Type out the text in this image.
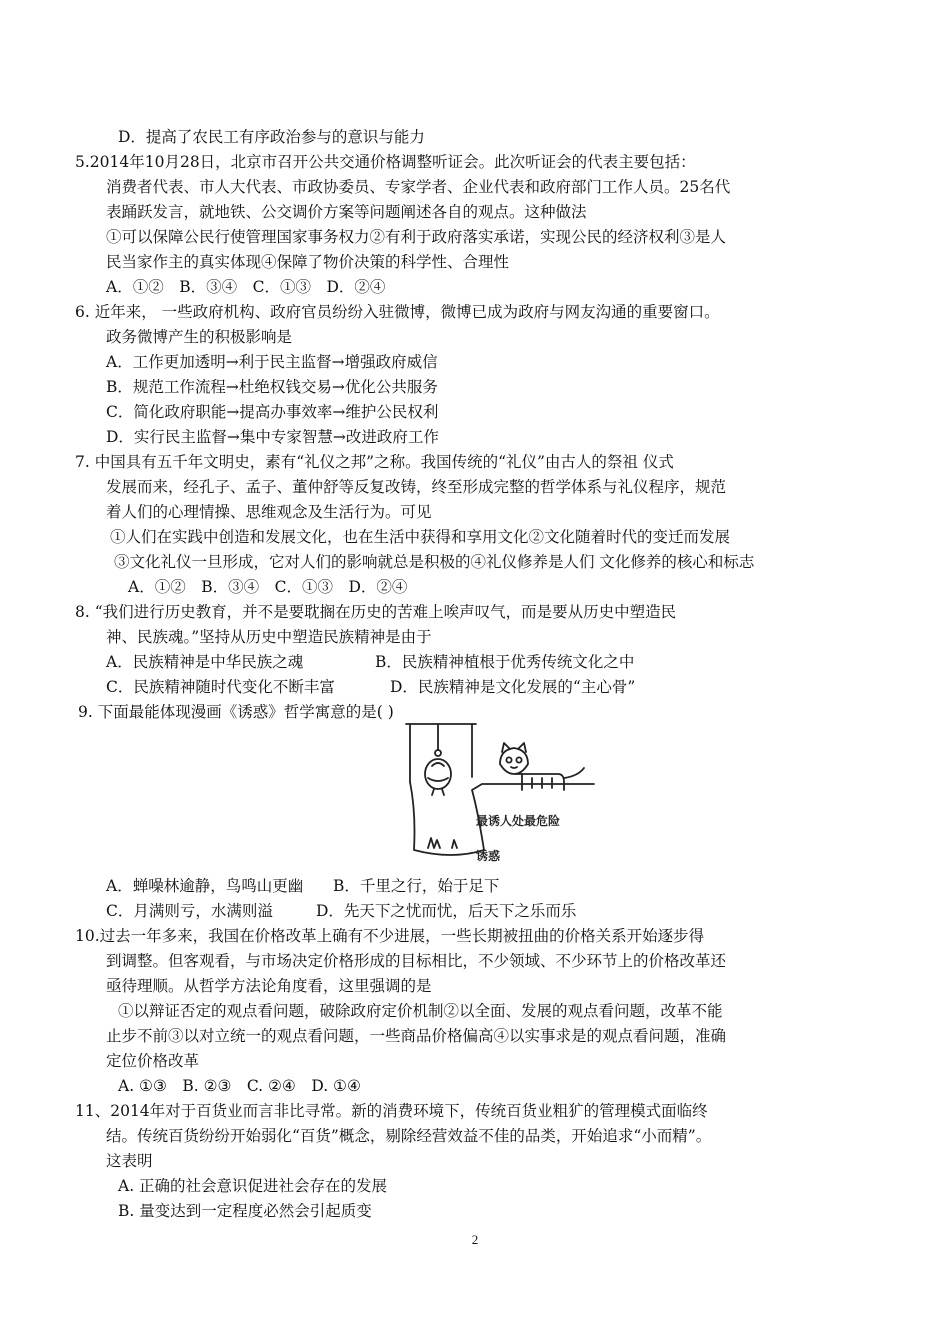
D．提高了农民工有序政治参与的意识与能力
5.2014年10月28日，北京市召开公共交通价格调整听证会。此次听证会的代表主要包括：
消费者代表、市人大代表、市政协委员、专家学者、企业代表和政府部门工作人员。25名代
表踊跃发言，就地铁、公交调价方案等问题阐述各自的观点。这种做法
①可以保障公民行使管理国家事务权力②有利于政府落实承诺，实现公民的经济权利③是人
民当家作主的真实体现④保障了物价决策的科学性、合理性
A．①②　B．③④　C．①③　D．②④
6. 近年来， 一些政府机构、政府官员纷纷入驻微博，微博已成为政府与网友沟通的重要窗口。
政务微博产生的积极影响是
A．工作更加透明→利于民主监督→增强政府威信
B．规范工作流程→杜绝权钱交易→优化公共服务
C．简化政府职能→提高办事效率→维护公民权利
D．实行民主监督→集中专家智慧→改进政府工作
7. 中国具有五千年文明史，素有“礼仪之邦”之称。我国传统的“礼仪”由古人的祭祖 仪式
发展而来，经孔子、孟子、董仲舒等反复改铸，终至形成完整的哲学体系与礼仪程序，规范
着人们的心理情操、思维观念及生活行为。可见
①人们在实践中创造和发展文化，也在生活中获得和享用文化②文化随着时代的变迁而发展
③文化礼仪一旦形成，它对人们的影响就总是积极的④礼仪修养是人们 文化修养的核心和标志
A．①②　B．③④　C．①③　D．②④
8. “我们进行历史教育，并不是要耽搁在历史的苦难上唉声叹气，而是要从历史中塑造民
神、民族魂。”坚持从历史中塑造民族精神是由于
A．民族精神是中华民族之魂	B．民族精神植根于优秀传统文化之中
C．民族精神随时代变化不断丰富	D．民族精神是文化发展的“主心骨”
9. 下面最能体现漫画《诱惑》哲学寓意的是( )
最诱人处最危险
诱惑
A．蝉噪林逾静，鸟鸣山更幽 B．千里之行，始于足下
C．月满则亏，水满则溢	D．先天下之忧而忧，后天下之乐而乐
10.过去一年多来，我国在价格改革上确有不少进展，一些长期被扭曲的价格关系开始逐步得
到调整。但客观看，与市场决定价格形成的目标相比，不少领域、不少环节上的价格改革还
亟待理顺。从哲学方法论角度看，这里强调的是
①以辩证否定的观点看问题，破除政府定价机制②以全面、发展的观点看问题，改革不能
止步不前③以对立统一的观点看问题，一些商品价格偏高④以实事求是的观点看问题，准确
定位价格改革
A. ①③　B. ②③　C. ②④　D. ①④
11、2014年对于百货业而言非比寻常。新的消费环境下，传统百货业粗犷的管理模式面临终
结。传统百货纷纷开始弱化“百货”概念，剔除经营效益不佳的品类，开始追求“小而精”。
这表明
A. 正确的社会意识促进社会存在的发展
B. 量变达到一定程度必然会引起质变
2
